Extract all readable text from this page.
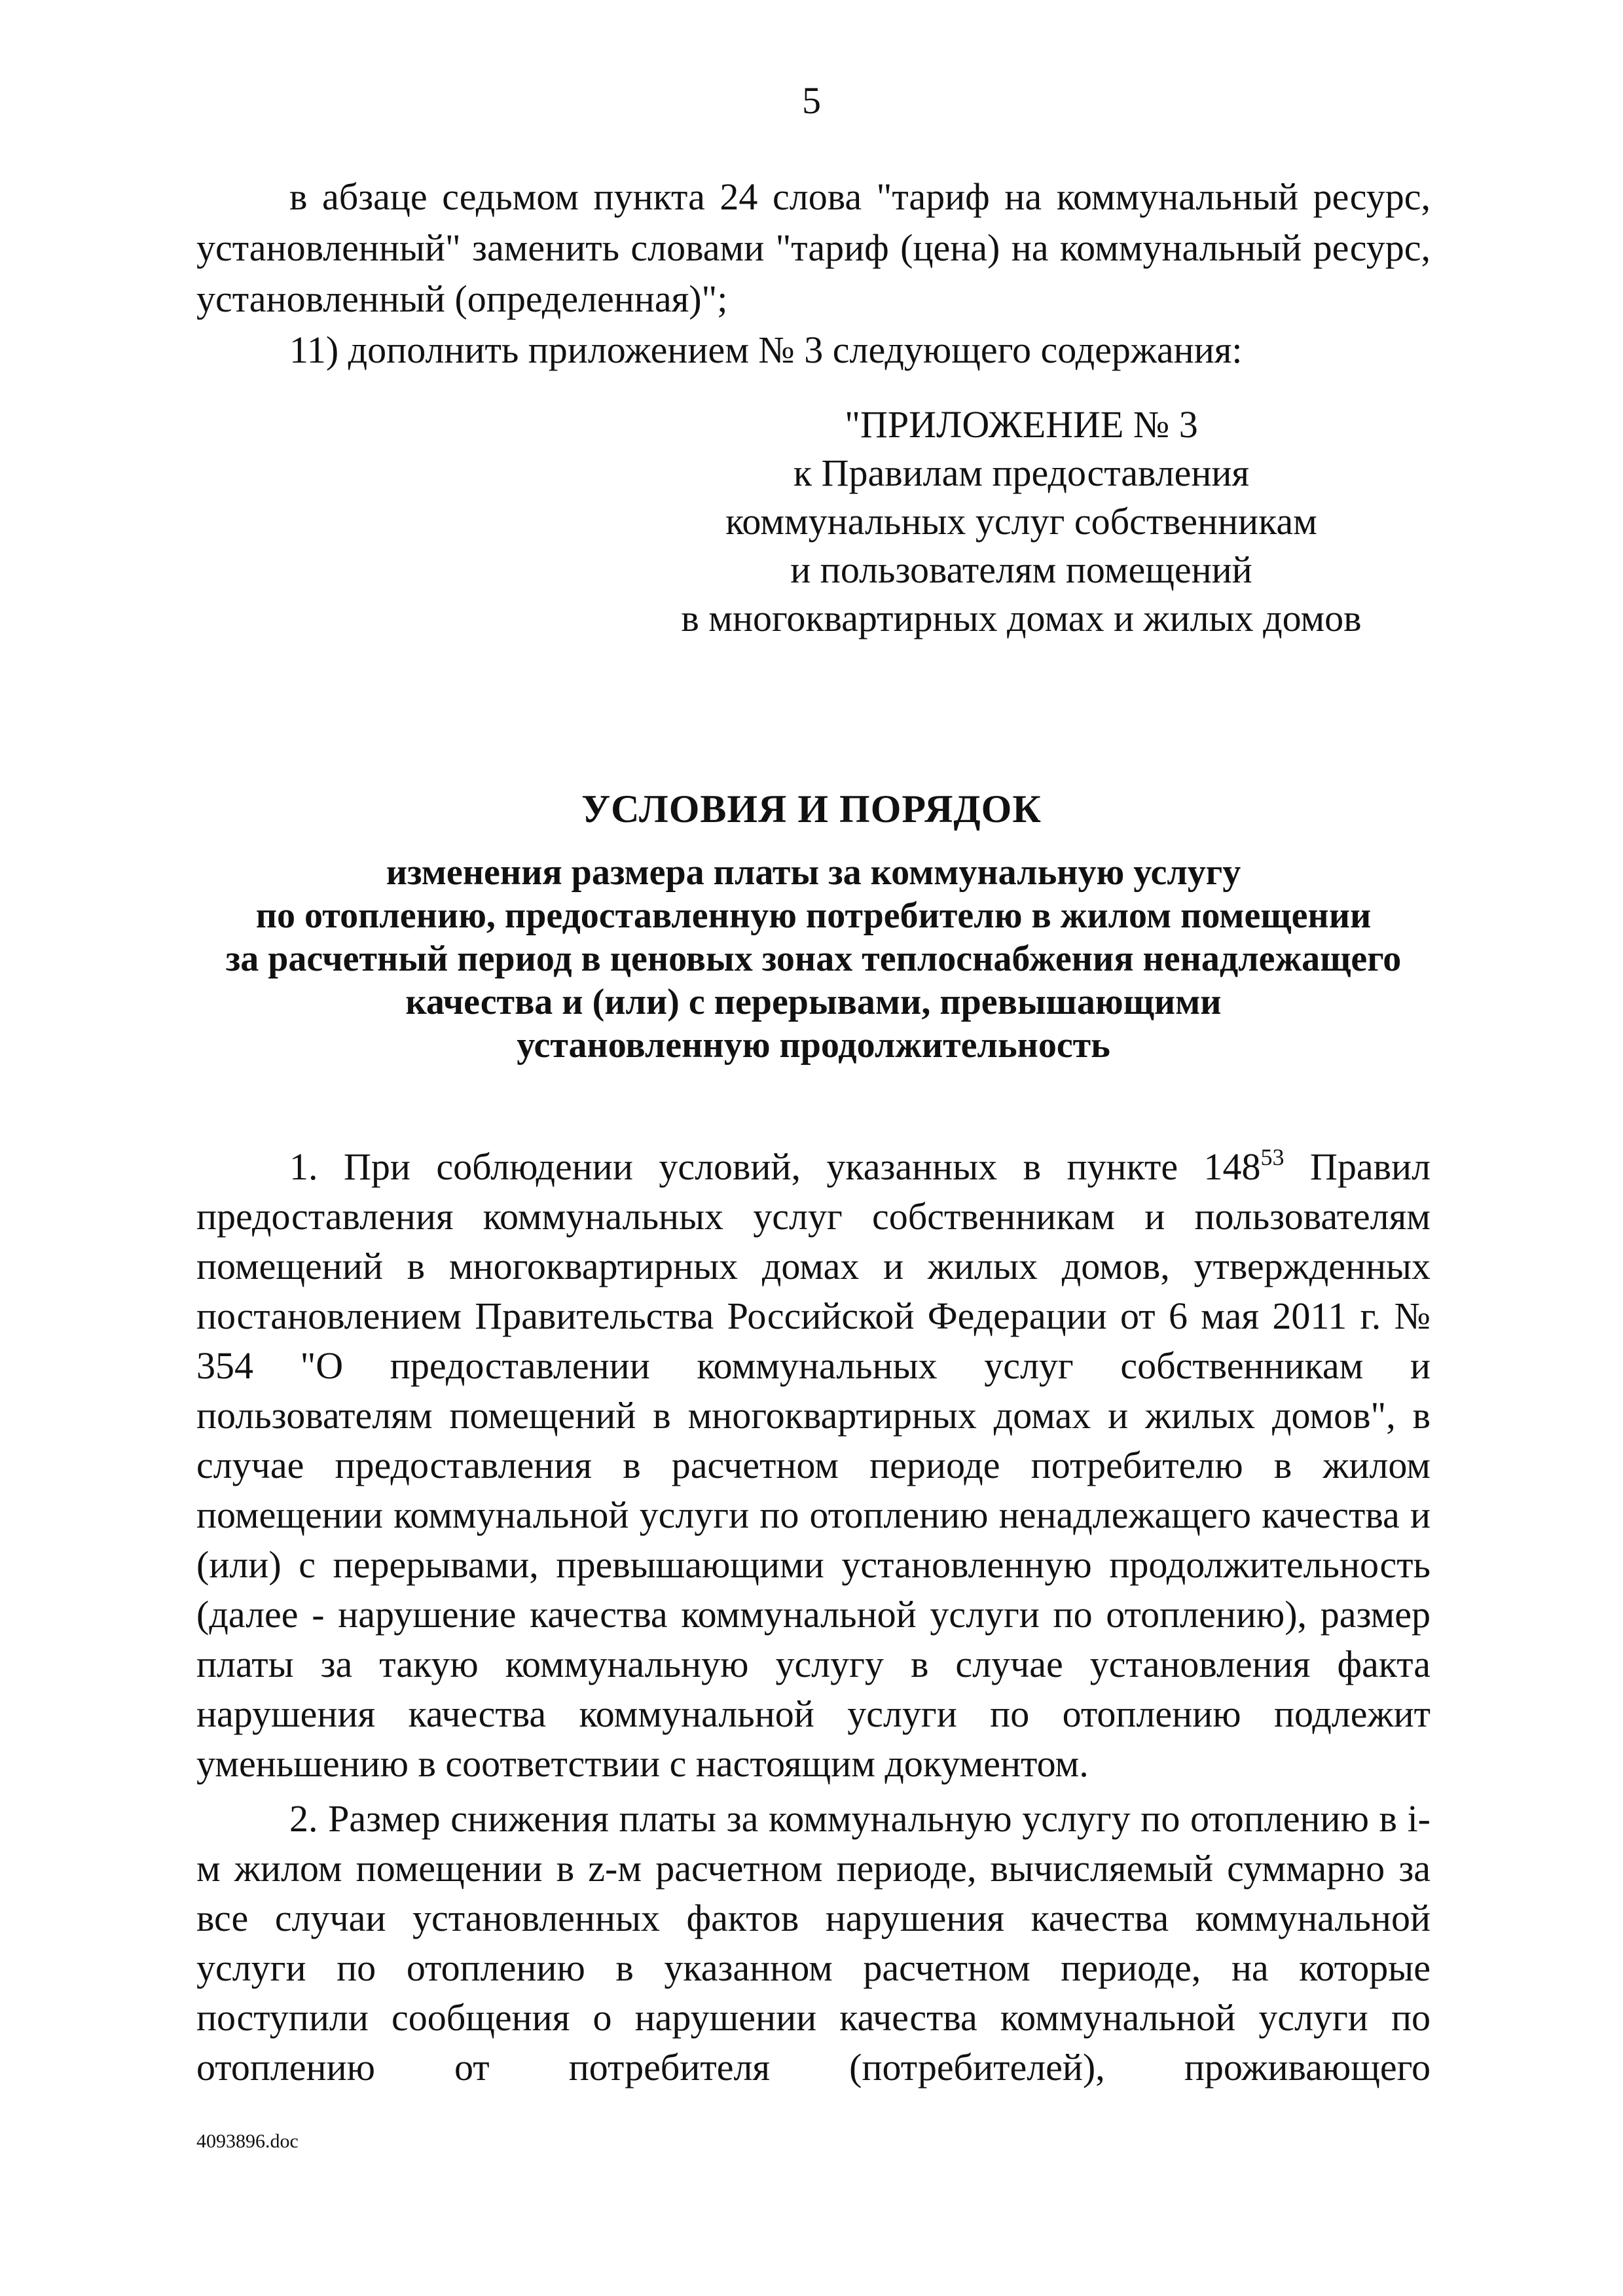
5

в абзаце седьмом пункта 24 слова "тариф на коммунальный ресурс, установленный" заменить словами "тариф (цена) на коммунальный ресурс, установленный (определенная)";

11) дополнить приложением № 3 следующего содержания:

"ПРИЛОЖЕНИЕ № 3
к Правилам предоставления
коммунальных услуг собственникам
и пользователям помещений
в многоквартирных домах и жилых домов
УСЛОВИЯ И ПОРЯДОК
изменения размера платы за коммунальную услугу
по отоплению, предоставленную потребителю в жилом помещении
за расчетный период в ценовых зонах теплоснабжения ненадлежащего
качества и (или) с перерывами, превышающими
установленную продолжительность

1. При соблюдении условий, указанных в пункте $148^{53}$ Правил предоставления коммунальных услуг собственникам и пользователям помещений в многоквартирных домах и жилых домов, утвержденных постановлением Правительства Российской Федерации от 6 мая 2011 г. № 354 "О предоставлении коммунальных услуг собственникам и пользователям помещений в многоквартирных домах и жилых домов", в случае предоставления в расчетном периоде потребителю в жилом помещении коммунальной услуги по отоплению ненадлежащего качества и (или) с перерывами, превышающими установленную продолжительность (далее - нарушение качества коммунальной услуги по отоплению), размер платы за такую коммунальную услугу в случае установления факта нарушения качества коммунальной услуги по отоплению подлежит уменьшению в соответствии с настоящим документом.

2. Размер снижения платы за коммунальную услугу по отоплению в i-м жилом помещении в z-м расчетном периоде, вычисляемый суммарно за все случаи установленных фактов нарушения качества коммунальной услуги по отоплению в указанном расчетном периоде, на которые поступили сообщения о нарушении качества коммунальной услуги по отоплению от потребителя (потребителей), проживающего

4093896.doc
